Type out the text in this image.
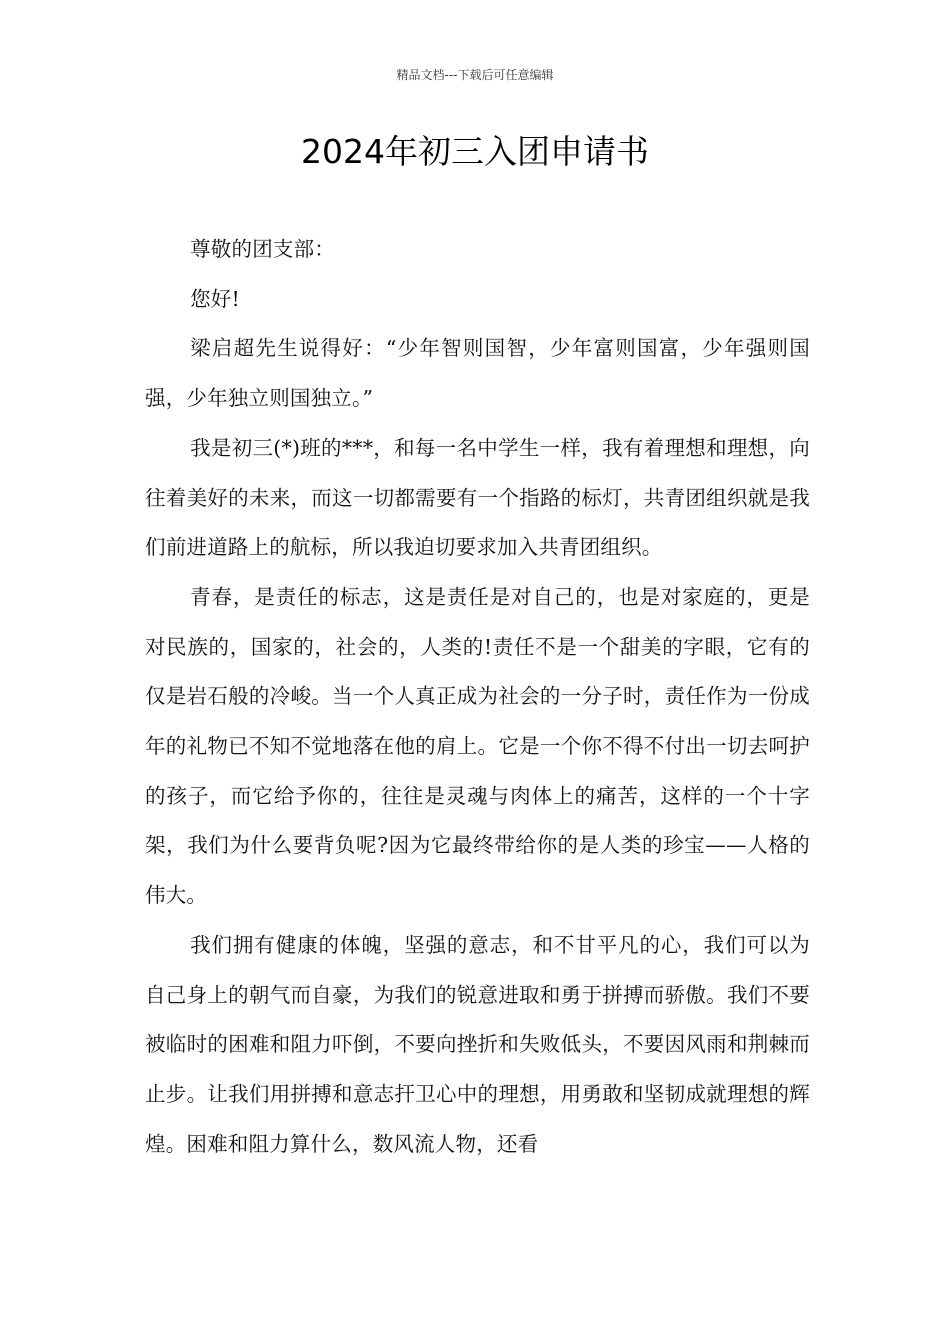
精品文档---下载后可任意编辑
2024年初三入团申请书

尊敬的团支部：

您好!

梁启超先生说得好：“少年智则国智，少年富则国富，少年强则国强，少年独立则国独立。”

我是初三(*)班的***，和每一名中学生一样，我有着理想和理想，向往着美好的未来，而这一切都需要有一个指路的标灯，共青团组织就是我们前进道路上的航标，所以我迫切要求加入共青团组织。

青春，是责任的标志，这是责任是对自己的，也是对家庭的，更是对民族的，国家的，社会的，人类的!责任不是一个甜美的字眼，它有的仅是岩石般的冷峻。当一个人真正成为社会的一分子时，责任作为一份成年的礼物已不知不觉地落在他的肩上。它是一个你不得不付出一切去呵护的孩子，而它给予你的，往往是灵魂与肉体上的痛苦，这样的一个十字架，我们为什么要背负呢?因为它最终带给你的是人类的珍宝——人格的伟大。

我们拥有健康的体魄，坚强的意志，和不甘平凡的心，我们可以为自己身上的朝气而自豪，为我们的锐意进取和勇于拼搏而骄傲。我们不要被临时的困难和阻力吓倒，不要向挫折和失败低头，不要因风雨和荆棘而止步。让我们用拼搏和意志扞卫心中的理想，用勇敢和坚韧成就理想的辉煌。困难和阻力算什么，数风流人物，还看
